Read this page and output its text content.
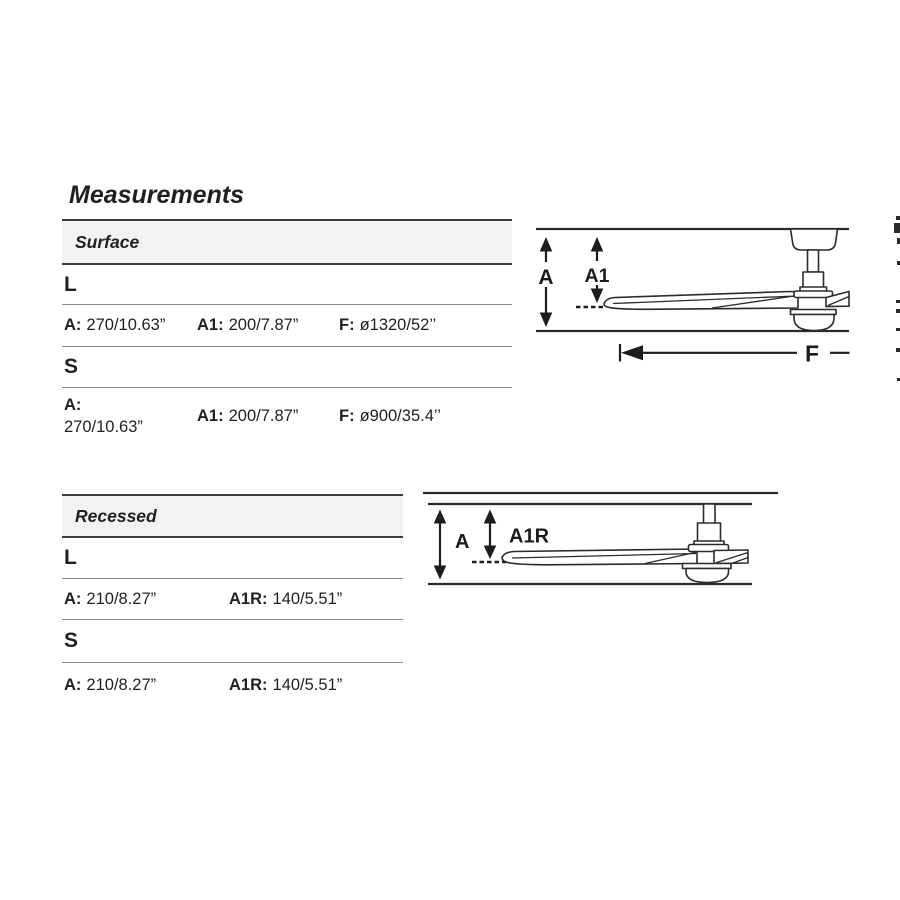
Measurements
Surface
L
A: 270/10.63” A1: 200/7.87” F: ø1320/52’’
S
A:
270/10.63”
A1: 200/7.87” F: ø900/35.4’’
A A1
F
Recessed
L
A: 210/8.27”	A1R: 140/5.51”
S
A: 210/8.27”	A1R: 140/5.51”
A A1R
